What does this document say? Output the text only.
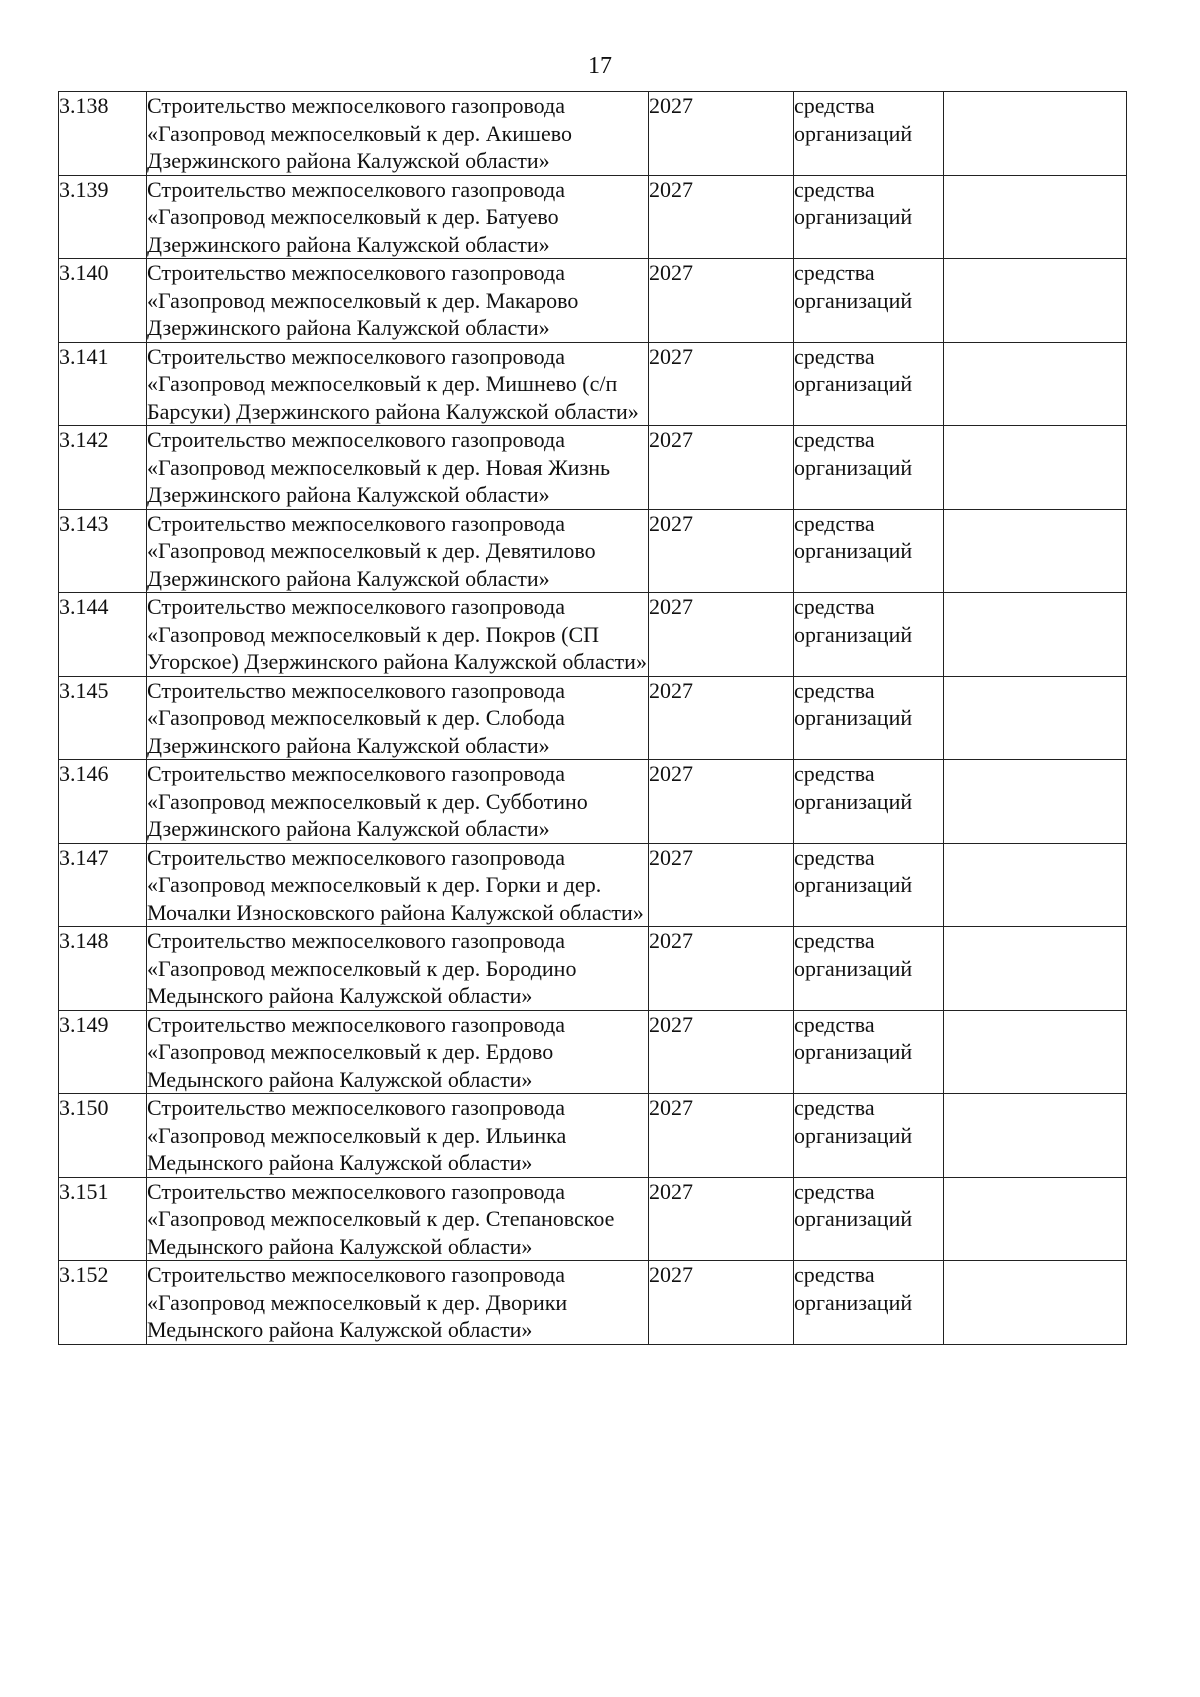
17
3.138	Строительство межпоселкового газопровода «Газопровод межпоселковый к дер. Акишево Дзержинского района Калужской области»	2027	средства организаций	
3.139	Строительство межпоселкового газопровода «Газопровод межпоселковый к дер. Батуево Дзержинского района Калужской области»	2027	средства организаций	
3.140	Строительство межпоселкового газопровода «Газопровод межпоселковый к дер. Макарово Дзержинского района Калужской области»	2027	средства организаций	
3.141	Строительство межпоселкового газопровода «Газопровод межпоселковый к дер. Мишнево (с/п Барсуки) Дзержинского района Калужской области»	2027	средства организаций	
3.142	Строительство межпоселкового газопровода «Газопровод межпоселковый к дер. Новая Жизнь Дзержинского района Калужской области»	2027	средства организаций	
3.143	Строительство межпоселкового газопровода «Газопровод межпоселковый к дер. Девятилово Дзержинского района Калужской области»	2027	средства организаций	
3.144	Строительство межпоселкового газопровода «Газопровод межпоселковый к дер. Покров (СП Угорское) Дзержинского района Калужской области»	2027	средства организаций	
3.145	Строительство межпоселкового газопровода «Газопровод межпоселковый к дер. Слобода Дзержинского района Калужской области»	2027	средства организаций	
3.146	Строительство межпоселкового газопровода «Газопровод межпоселковый к дер. Субботино Дзержинского района Калужской области»	2027	средства организаций	
3.147	Строительство межпоселкового газопровода «Газопровод межпоселковый к дер. Горки и дер. Мочалки Износковского района Калужской области»	2027	средства организаций	
3.148	Строительство межпоселкового газопровода «Газопровод межпоселковый к дер. Бородино Медынского района Калужской области»	2027	средства организаций	
3.149	Строительство межпоселкового газопровода «Газопровод межпоселковый к дер. Ердово Медынского района Калужской области»	2027	средства организаций	
3.150	Строительство межпоселкового газопровода «Газопровод межпоселковый к дер. Ильинка Медынского района Калужской области»	2027	средства организаций	
3.151	Строительство межпоселкового газопровода «Газопровод межпоселковый к дер. Степановское Медынского района Калужской области»	2027	средства организаций	
3.152	Строительство межпоселкового газопровода «Газопровод межпоселковый к дер. Дворики Медынского района Калужской области»	2027	средства организаций	
